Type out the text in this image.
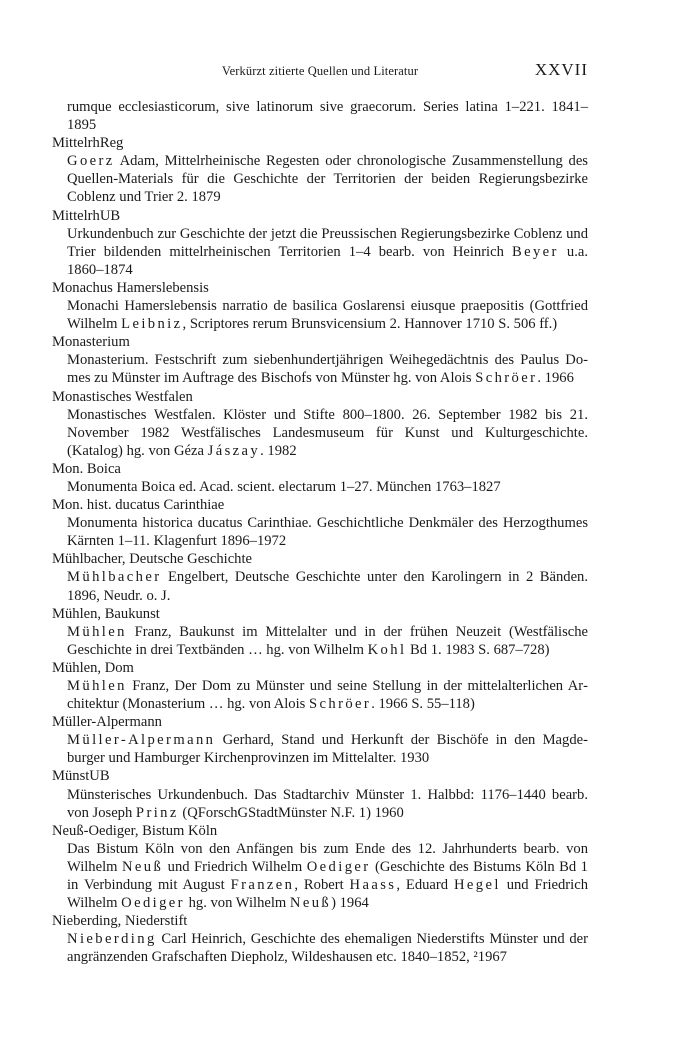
Verkürzt zitierte Quellen und Literatur	XXVII
rumque ecclesiasticorum, sive latinorum sive graecorum. Series latina 1–221. 1841–1895
MittelrhReg
Goerz Adam, Mittelrheinische Regesten oder chronologische Zusammenstellung des Quellen-Materials für die Geschichte der Territorien der beiden Regierungsbezirke Coblenz und Trier 2. 1879
MittelrhUB
Urkundenbuch zur Geschichte der jetzt die Preussischen Regierungsbezirke Coblenz und Trier bildenden mittelrheinischen Territorien 1–4 bearb. von Heinrich Beyer u.a. 1860–1874
Monachus Hamerslebensis
Monachi Hamerslebensis narratio de basilica Goslarensi eiusque praepositis (Gottfried Wilhelm Leibniz, Scriptores rerum Brunsvicensium 2. Hannover 1710 S. 506 ff.)
Monasterium
Monasterium. Festschrift zum siebenhundertjährigen Weihegedächtnis des Paulus Domes zu Münster im Auftrage des Bischofs von Münster hg. von Alois Schröer. 1966
Monastisches Westfalen
Monastisches Westfalen. Klöster und Stifte 800–1800. 26. September 1982 bis 21. November 1982 Westfälisches Landesmuseum für Kunst und Kulturgeschichte. (Katalog) hg. von Géza Jászay. 1982
Mon. Boica
Monumenta Boica ed. Acad. scient. electarum 1–27. München 1763–1827
Mon. hist. ducatus Carinthiae
Monumenta historica ducatus Carinthiae. Geschichtliche Denkmäler des Herzogthumes Kärnten 1–11. Klagenfurt 1896–1972
Mühlbacher, Deutsche Geschichte
Mühlbacher Engelbert, Deutsche Geschichte unter den Karolingern in 2 Bänden. 1896, Neudr. o. J.
Mühlen, Baukunst
Mühlen Franz, Baukunst im Mittelalter und in der frühen Neuzeit (Westfälische Geschichte in drei Textbänden … hg. von Wilhelm Kohl Bd 1. 1983 S. 687–728)
Mühlen, Dom
Mühlen Franz, Der Dom zu Münster und seine Stellung in der mittelalterlichen Architektur (Monasterium … hg. von Alois Schröer. 1966 S. 55–118)
Müller-Alpermann
Müller-Alpermann Gerhard, Stand und Herkunft der Bischöfe in den Magdeburger und Hamburger Kirchenprovinzen im Mittelalter. 1930
MünstUB
Münsterisches Urkundenbuch. Das Stadtarchiv Münster 1. Halbbd: 1176–1440 bearb. von Joseph Prinz (QForschGStadtMünster N.F. 1) 1960
Neuß-Oediger, Bistum Köln
Das Bistum Köln von den Anfängen bis zum Ende des 12. Jahrhunderts bearb. von Wilhelm Neuß und Friedrich Wilhelm Oediger (Geschichte des Bistums Köln Bd 1 in Verbindung mit August Franzen, Robert Haass, Eduard Hegel und Friedrich Wilhelm Oediger hg. von Wilhelm Neuß) 1964
Nieberding, Niederstift
Nieberding Carl Heinrich, Geschichte des ehemaligen Niederstifts Münster und der angränzenden Grafschaften Diepholz, Wildeshausen etc. 1840–1852, ²1967
